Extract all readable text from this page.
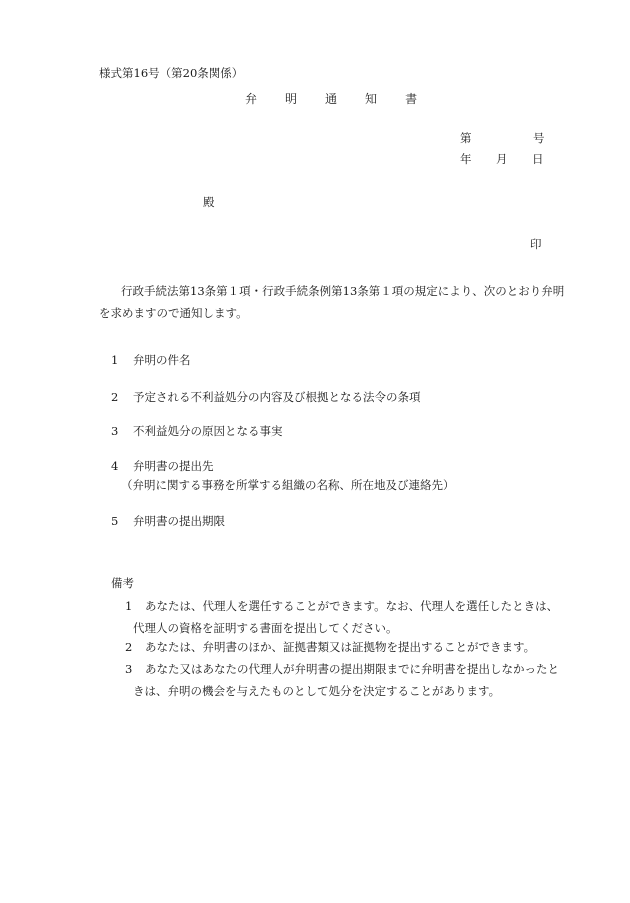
様式第16号（第20条関係）
弁 明 通 知 書
第	号
年 月 日
殿
印
行政手続法第13条第１項・行政手続条例第13条第１項の規定により、次のとおり弁明
を求めますので通知します。
1 弁明の件名
2 予定される不利益処分の内容及び根拠となる法令の条項
3 不利益処分の原因となる事実
4 弁明書の提出先
（弁明に関する事務を所掌する組織の名称、所在地及び連絡先）
5 弁明書の提出期限
備考
1 あなたは、代理人を選任することができます。なお、代理人を選任したときは、
代理人の資格を証明する書面を提出してください。
2 あなたは、弁明書のほか、証拠書類又は証拠物を提出することができます。
3 あなた又はあなたの代理人が弁明書の提出期限までに弁明書を提出しなかったと
きは、弁明の機会を与えたものとして処分を決定することがあります。
